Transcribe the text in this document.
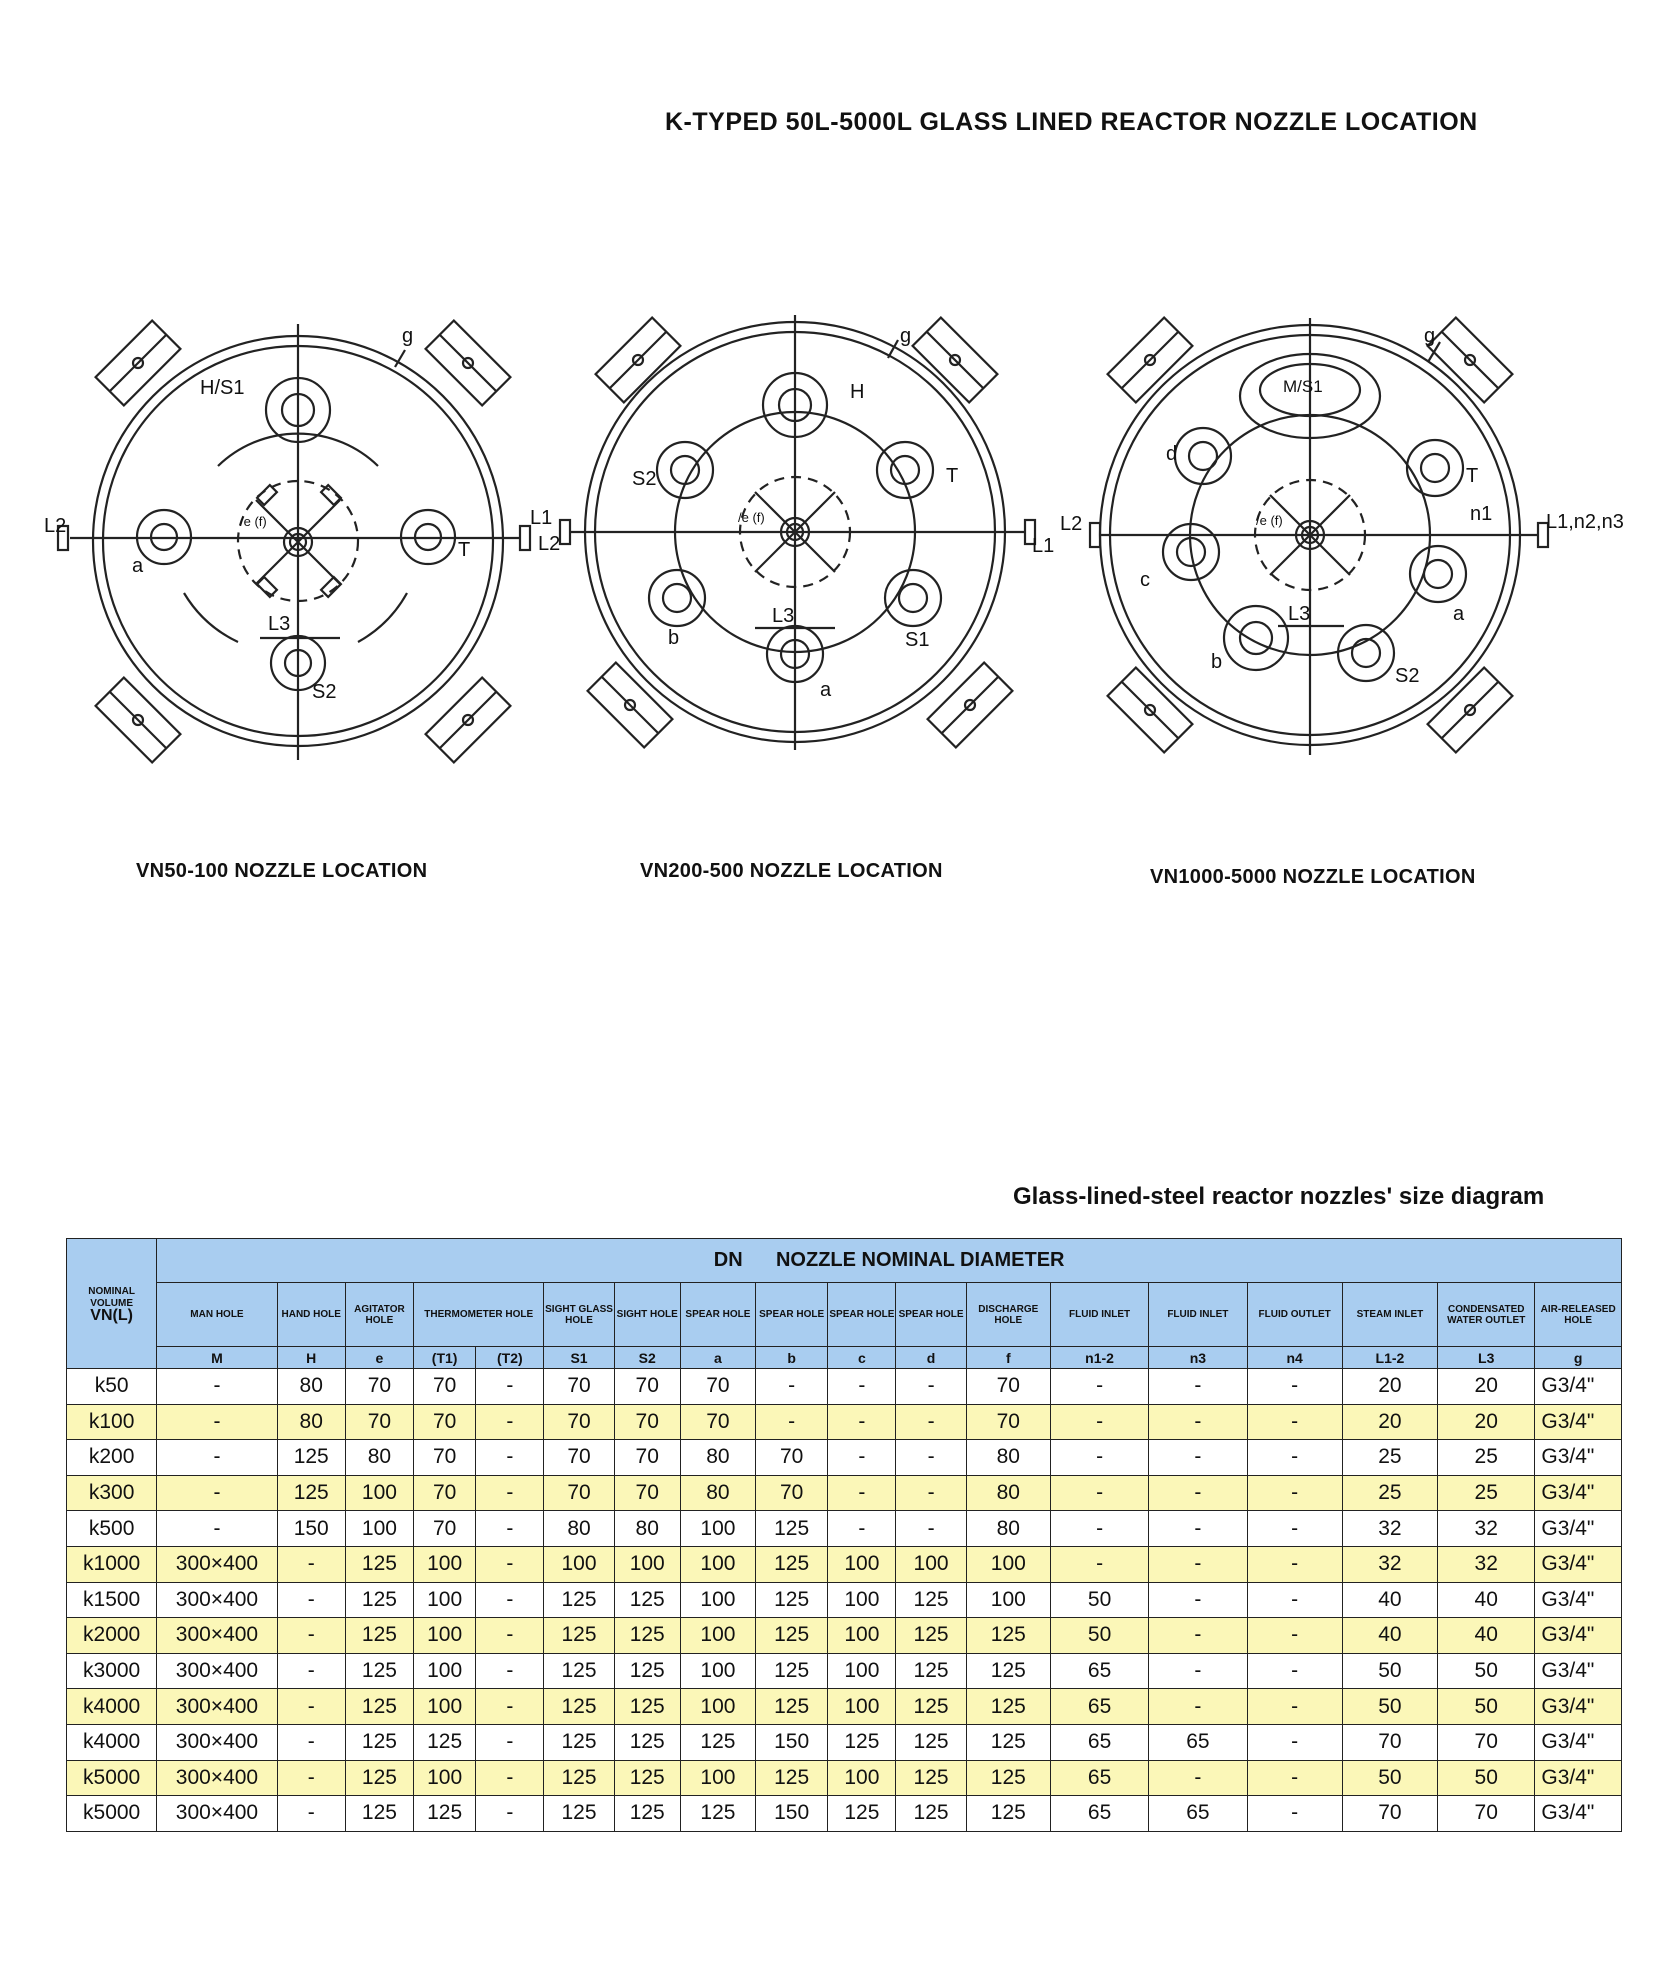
K-TYPED 50L-5000L GLASS LINED REACTOR NOZZLE LOCATION
H/S1
g
a
T
L3
S2
L2	L1
/e (f)
H
g
S2	T
b	S1
L3
a
L2	L1
/e (f)
M/S1
g
d
T
c
a
b
S2
L3
n1
L2	L1,n2,n3
/e (f)
VN50-100 NOZZLE LOCATION	VN200-500 NOZZLE LOCATION	VN1000-5000 NOZZLE LOCATION
Glass-lined-steel reactor nozzles' size diagram
NOMINAL
VOLUME
VN(L)	DN NOZZLE NOMINAL DIAMETER																	
	MAN HOLE	HAND HOLE	AGITATOR HOLE	THERMOMETER HOLE		SIGHT GLASS HOLE	SIGHT HOLE	SPEAR HOLE	SPEAR HOLE	SPEAR HOLE	SPEAR HOLE	DISCHARGE HOLE	FLUID INLET	FLUID INLET	FLUID OUTLET	STEAM INLET	CONDENSATED WATER OUTLET	AIR-RELEASED HOLE
	M	H	e	(T1)	(T2)	S1	S2	a	b	c	d	f	n1-2	n3	n4	L1-2	L3	g
k50	-	80	70	70	-	70	70	70	-	-	-	70	-	-	-	20	20	G3/4"
k100	-	80	70	70	-	70	70	70	-	-	-	70	-	-	-	20	20	G3/4"
k200	-	125	80	70	-	70	70	80	70	-	-	80	-	-	-	25	25	G3/4"
k300	-	125	100	70	-	70	70	80	70	-	-	80	-	-	-	25	25	G3/4"
k500	-	150	100	70	-	80	80	100	125	-	-	80	-	-	-	32	32	G3/4"
k1000	300×400	-	125	100	-	100	100	100	125	100	100	100	-	-	-	32	32	G3/4"
k1500	300×400	-	125	100	-	125	125	100	125	100	125	100	50	-	-	40	40	G3/4"
k2000	300×400	-	125	100	-	125	125	100	125	100	125	125	50	-	-	40	40	G3/4"
k3000	300×400	-	125	100	-	125	125	100	125	100	125	125	65	-	-	50	50	G3/4"
k4000	300×400	-	125	100	-	125	125	100	125	100	125	125	65	-	-	50	50	G3/4"
k4000	300×400	-	125	125	-	125	125	125	150	125	125	125	65	65	-	70	70	G3/4"
k5000	300×400	-	125	100	-	125	125	100	125	100	125	125	65	-	-	50	50	G3/4"
k5000	300×400	-	125	125	-	125	125	125	150	125	125	125	65	65	-	70	70	G3/4"
